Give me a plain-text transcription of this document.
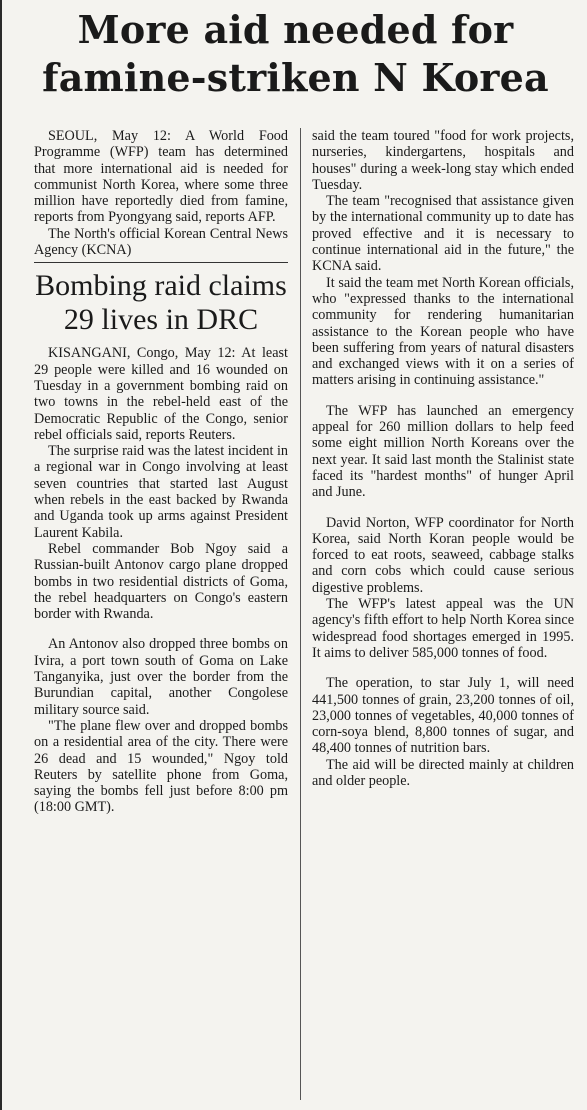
More aid needed for famine-striken N Korea

SEOUL, May 12: A World Food Programme (WFP) team has determined that more international aid is needed for communist North Korea, where some three million have reportedly died from famine, reports from Pyongyang said, reports AFP.

The North's official Korean Central News Agency (KCNA)

Bombing raid claims 29 lives in DRC

KISANGANI, Congo, May 12: At least 29 people were killed and 16 wounded on Tuesday in a government bombing raid on two towns in the rebel-held east of the Democratic Republic of the Congo, senior rebel officials said, reports Reuters.

The surprise raid was the latest incident in a regional war in Congo involving at least seven countries that started last August when rebels in the east backed by Rwanda and Uganda took up arms against President Laurent Kabila.

Rebel commander Bob Ngoy said a Russian-built Antonov cargo plane dropped bombs in two residential districts of Goma, the rebel headquarters on Congo's eastern border with Rwanda.

An Antonov also dropped three bombs on Ivira, a port town south of Goma on Lake Tanganyika, just over the border from the Burundian capital, another Congolese military source said.

"The plane flew over and dropped bombs on a residential area of the city. There were 26 dead and 15 wounded," Ngoy told Reuters by satellite phone from Goma, saying the bombs fell just before 8:00 pm (18:00 GMT).

said the team toured "food for work projects, nurseries, kindergartens, hospitals and houses" during a week-long stay which ended Tuesday.

The team "recognised that assistance given by the international community up to date has proved effective and it is necessary to continue international aid in the future," the KCNA said.

It said the team met North Korean officials, who "expressed thanks to the international community for rendering humanitarian assistance to the Korean people who have been suffering from years of natural disasters and exchanged views with it on a series of matters arising in continuing assistance."

The WFP has launched an emergency appeal for 260 million dollars to help feed some eight million North Koreans over the next year. It said last month the Stalinist state faced its "hardest months" of hunger April and June.

David Norton, WFP coordinator for North Korea, said North Koran people would be forced to eat roots, seaweed, cabbage stalks and corn cobs which could cause serious digestive problems.

The WFP's latest appeal was the UN agency's fifth effort to help North Korea since widespread food shortages emerged in 1995. It aims to deliver 585,000 tonnes of food.

The operation, to star July 1, will need 441,500 tonnes of grain, 23,200 tonnes of oil, 23,000 tonnes of vegetables, 40,000 tonnes of corn-soya blend, 8,800 tonnes of sugar, and 48,400 tonnes of nutrition bars.

The aid will be directed mainly at children and older people.
